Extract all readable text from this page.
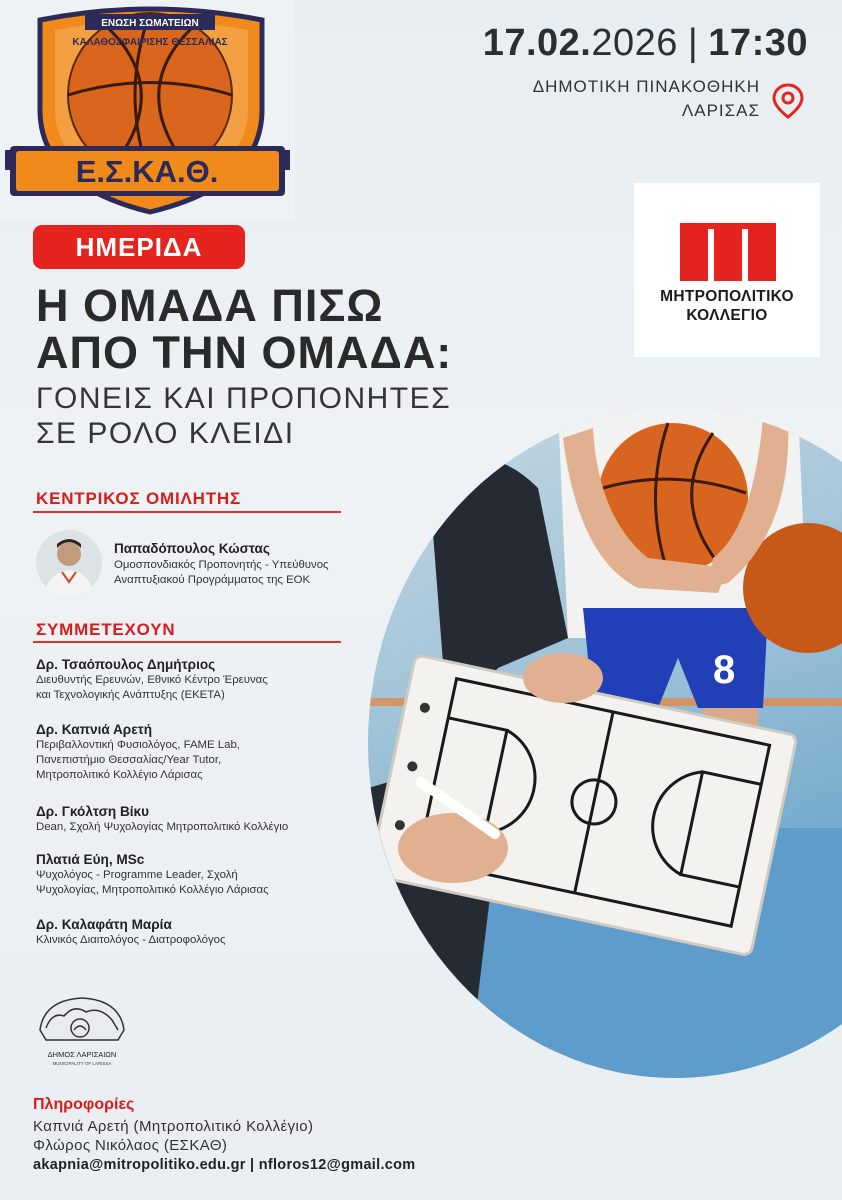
ΕΝΩΣΗ ΣΩΜΑΤΕΙΩΝ
ΚΑΛΑΘΟΣΦΑΙΡΙΣΗΣ ΘΕΣΣΑΛΙΑΣ
Ε.Σ.ΚΑ.Θ.
17.02.2026 | 17:30
ΔΗΜΟΤΙΚΗ ΠΙΝΑΚΟΘΗΚΗ
ΛΑΡΙΣΑΣ
ΜΗΤΡΟΠΟΛΙΤΙΚΟ
ΚΟΛΛΕΓΙΟ
ΗΜΕΡΙΔΑ
Η ΟΜΑΔΑ ΠΙΣΩ
ΑΠΟ ΤΗΝ ΟΜΑΔΑ:
ΓΟΝΕΙΣ ΚΑΙ ΠΡΟΠΟΝΗΤΕΣ
ΣΕ ΡΟΛΟ ΚΛΕΙΔΙ
8
ΚΕΝΤΡΙΚΟΣ ΟΜΙΛΗΤΗΣ
Παπαδόπουλος Κώστας
Ομοσπονδιακός Προπονητής - Υπεύθυνος
Αναπτυξιακού Προγράμματος της ΕΟΚ
ΣΥΜΜΕΤΕΧΟΥΝ
Δρ. Τσαόπουλος Δημήτριος
Διευθυντής Ερευνών, Εθνικό Κέντρο Έρευνας
και Τεχνολογικής Ανάπτυξης (ΕΚΕΤΑ)
Δρ. Καπνιά Αρετή
Περιβαλλοντική Φυσιολόγος, FAME Lab,
Πανεπιστήμιο Θεσσαλίας/Year Tutor,
Μητροπολιτικό Κολλέγιο Λάρισας
Δρ. Γκόλτση Βίκυ
Dean, Σχολή Ψυχολογίας Μητροπολιτικό Κολλέγιο
Πλατιά Εύη, MSc
Ψυχολόγος - Programme Leader, Σχολή
Ψυχολογίας, Μητροπολιτικό Κολλέγιο Λάρισας
Δρ. Καλαφάτη Μαρία
Κλινικός Διαιτολόγος - Διατροφολόγος
ΔΗΜΟΣ ΛΑΡΙΣΑΙΩΝ
MUNICIPALITY OF LARISSA
Πληροφορίες
Καπνιά Αρετή (Μητροπολιτικό Κολλέγιο)
Φλώρος Νικόλαος (ΕΣΚΑΘ)
akapnia@mitropolitiko.edu.gr | nfloros12@gmail.com
